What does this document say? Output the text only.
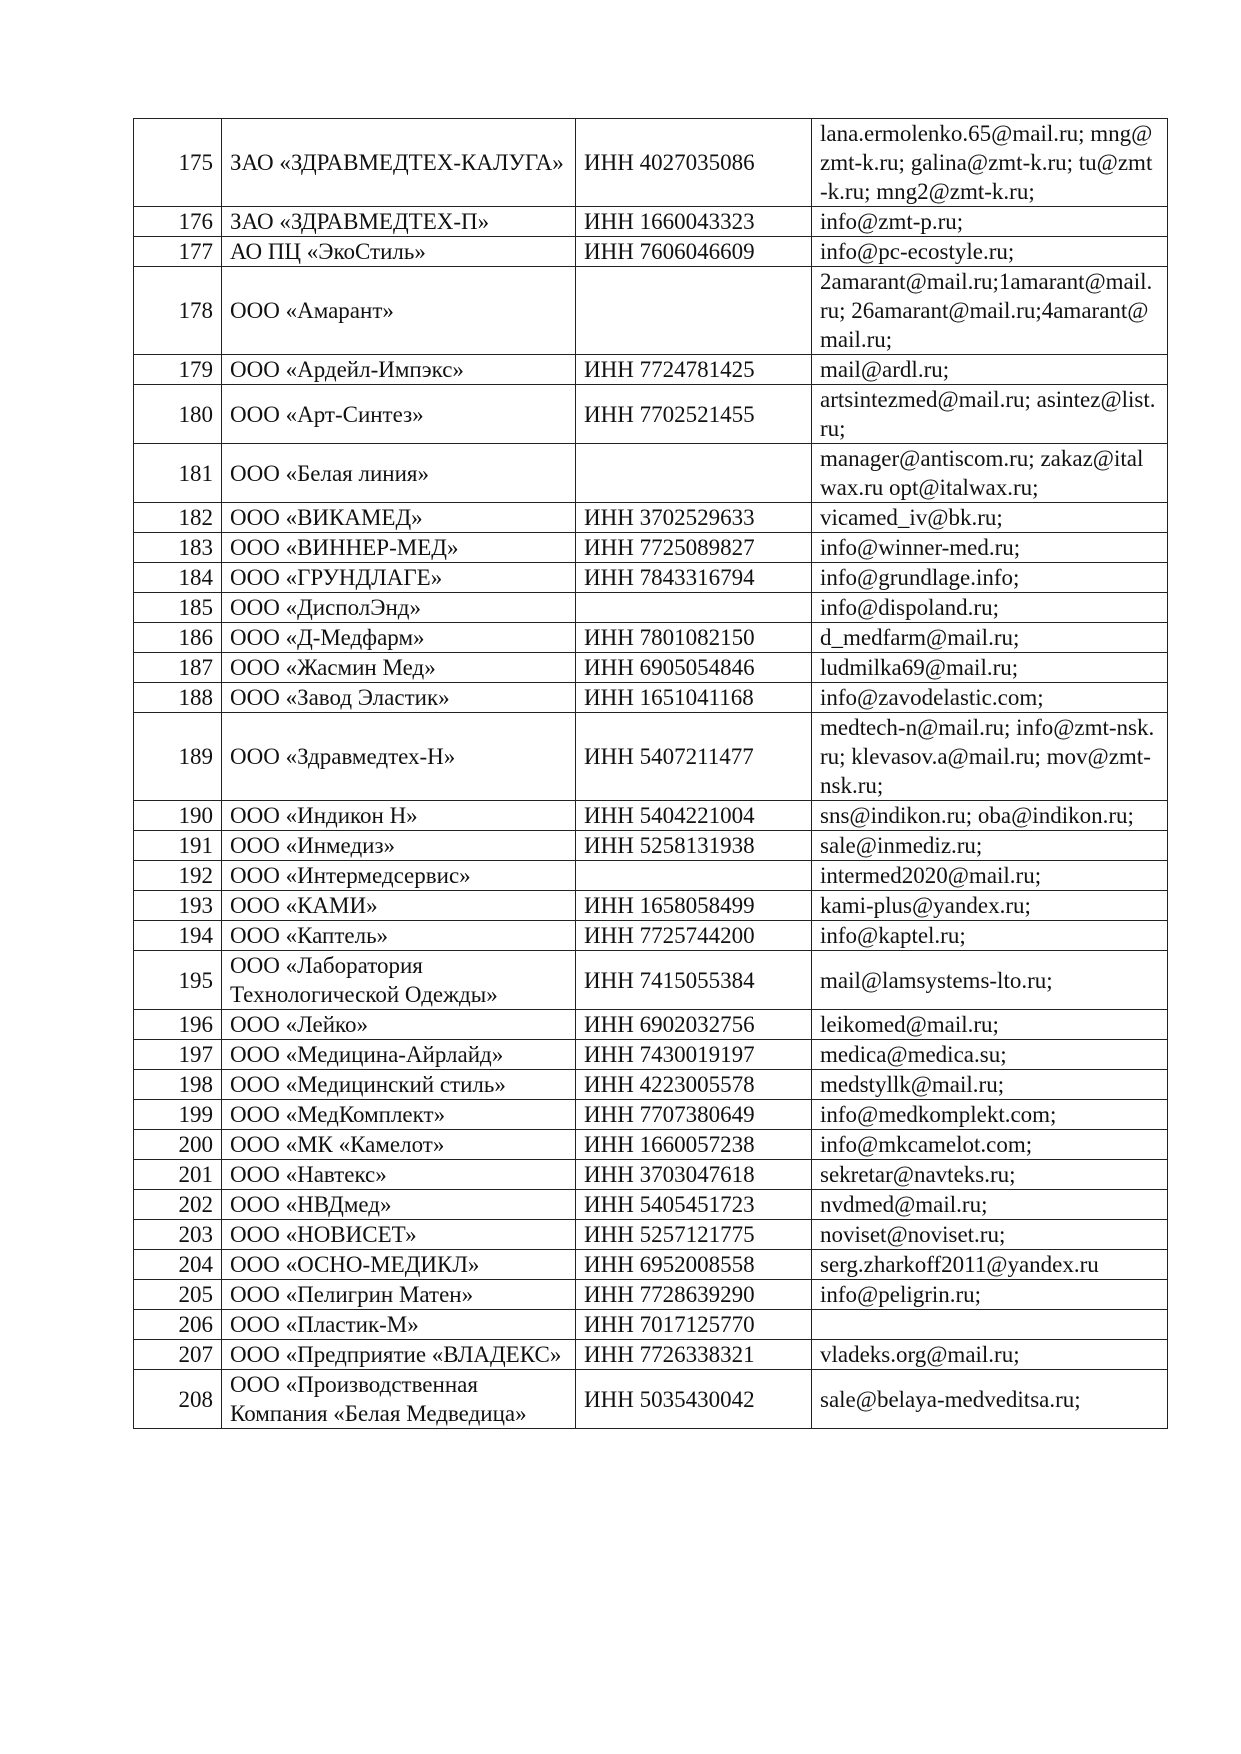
175	ЗАО «ЗДРАВМЕДТЕХ-КАЛУГА»	ИНН 4027035086	lana.ermolenko.65@mail.ru; mng@zmt-k.ru; galina@zmt-k.ru; tu@zmt-k.ru; mng2@zmt-k.ru;
176	ЗАО «ЗДРАВМЕДТЕХ-П»	ИНН 1660043323	info@zmt-p.ru;
177	АО ПЦ «ЭкоСтиль»	ИНН 7606046609	info@pc-ecostyle.ru;
178	ООО «Амарант»		2amarant@mail.ru;1amarant@mail.ru; 26amarant@mail.ru;4amarant@mail.ru;
179	ООО «Ардейл-Импэкс»	ИНН 7724781425	mail@ardl.ru;
180	ООО «Арт-Синтез»	ИНН 7702521455	artsintezmed@mail.ru; asintez@list.ru;
181	ООО «Белая линия»		manager@antiscom.ru; zakaz@italwax.ru opt@italwax.ru;
182	ООО «ВИКАМЕД»	ИНН 3702529633	vicamed_iv@bk.ru;
183	ООО «ВИННЕР-МЕД»	ИНН 7725089827	info@winner-med.ru;
184	ООО «ГРУНДЛАГЕ»	ИНН 7843316794	info@grundlage.info;
185	ООО «ДисполЭнд»		info@dispoland.ru;
186	ООО «Д-Медфарм»	ИНН 7801082150	d_medfarm@mail.ru;
187	ООО «Жасмин Мед»	ИНН 6905054846	ludmilka69@mail.ru;
188	ООО «Завод Эластик»	ИНН 1651041168	info@zavodelastic.com;
189	ООО «Здравмедтех-Н»	ИНН 5407211477	medtech-n@mail.ru; info@zmt-nsk.ru; klevasov.a@mail.ru; mov@zmt-nsk.ru;
190	ООО «Индикон Н»	ИНН 5404221004	sns@indikon.ru; oba@indikon.ru;
191	ООО «Инмедиз»	ИНН 5258131938	sale@inmediz.ru;
192	ООО «Интермедсервис»		intermed2020@mail.ru;
193	ООО «КАМИ»	ИНН 1658058499	kami-plus@yandex.ru;
194	ООО «Каптель»	ИНН 7725744200	info@kaptel.ru;
195	ООО «Лаборатория Технологической Одежды»	ИНН 7415055384	mail@lamsystems-lto.ru;
196	ООО «Лейко»	ИНН 6902032756	leikomed@mail.ru;
197	ООО «Медицина-Айрлайд»	ИНН 7430019197	medica@medica.su;
198	ООО «Медицинский стиль»	ИНН 4223005578	medstyllk@mail.ru;
199	ООО «МедКомплект»	ИНН 7707380649	info@medkomplekt.com;
200	ООО «МК «Камелот»	ИНН 1660057238	info@mkcamelot.com;
201	ООО «Навтекс»	ИНН 3703047618	sekretar@navteks.ru;
202	ООО «НВДмед»	ИНН 5405451723	nvdmed@mail.ru;
203	ООО «НОВИСЕТ»	ИНН 5257121775	noviset@noviset.ru;
204	ООО «ОСНО-МЕДИКЛ»	ИНН 6952008558	serg.zharkoff2011@yandex.ru
205	ООО «Пелигрин Матен»	ИНН 7728639290	info@peligrin.ru;
206	ООО «Пластик-М»	ИНН 7017125770	
207	ООО «Предприятие «ВЛАДЕКС»	ИНН 7726338321	vladeks.org@mail.ru;
208	ООО «Производственная Компания «Белая Медведица»	ИНН 5035430042	sale@belaya-medveditsa.ru;
